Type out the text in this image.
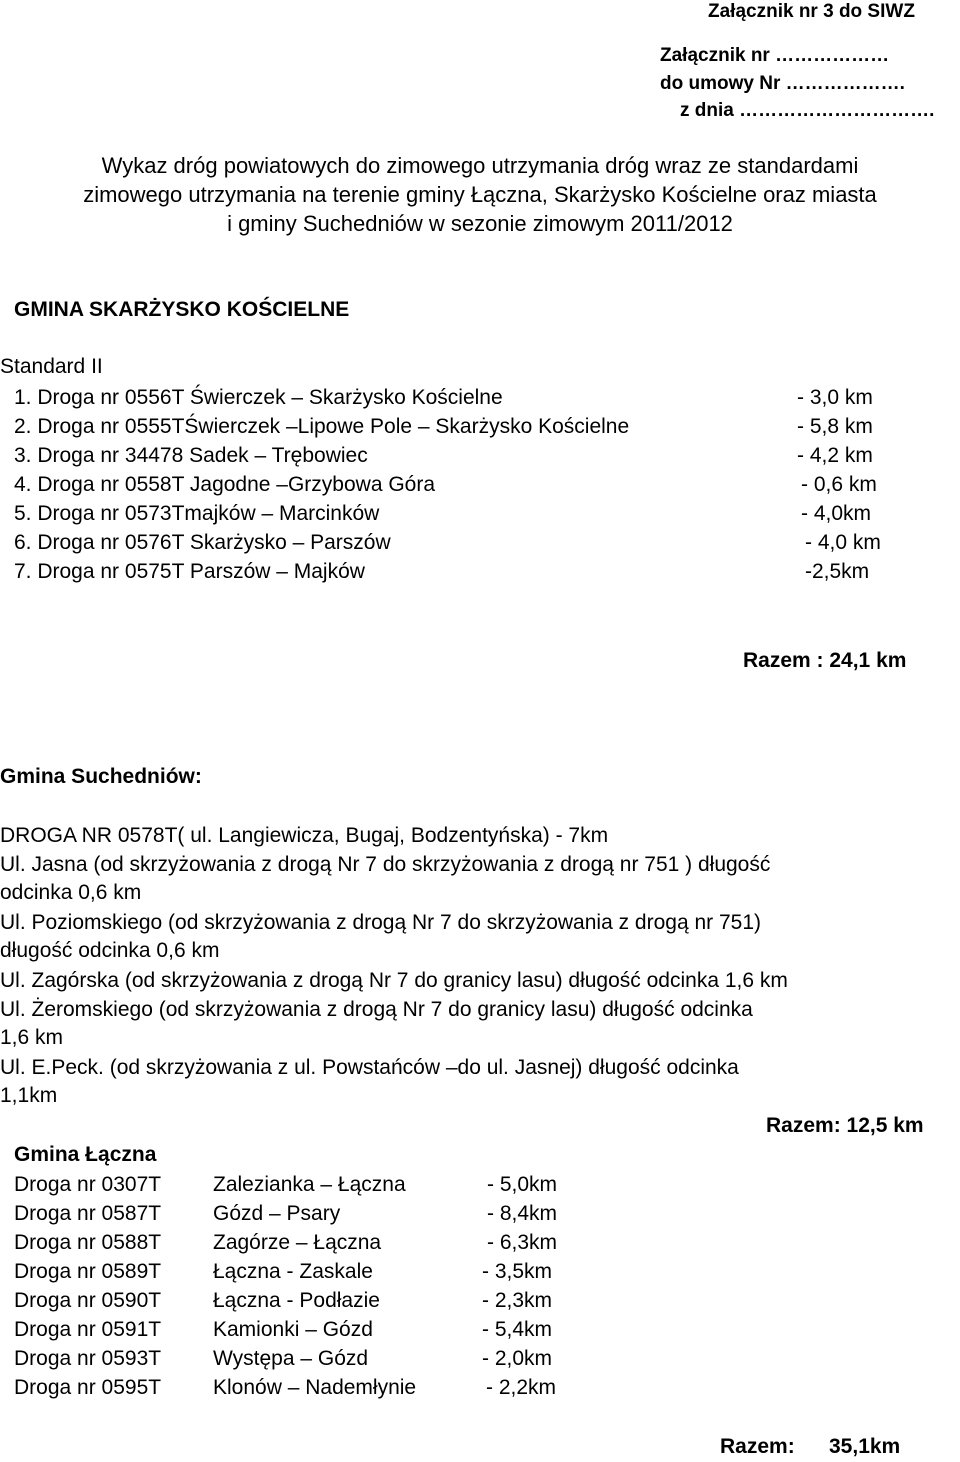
Załącznik nr 3 do SIWZ
Załącznik nr ………………
do umowy Nr ……………….
z dnia ………………………….
Wykaz dróg powiatowych do zimowego utrzymania dróg wraz ze standardami
zimowego utrzymania na terenie gminy Łączna, Skarżysko Kościelne oraz miasta
i gminy Suchedniów w sezonie zimowym 2011/2012
GMINA SKARŻYSKO KOŚCIELNE
Standard II
1. Droga nr 0556T Świerczek – Skarżysko Kościelne	- 3,0 km
2. Droga nr 0555TŚwierczek –Lipowe Pole – Skarżysko Kościelne	- 5,8 km
3. Droga nr 34478 Sadek – Trębowiec	- 4,2 km
4. Droga nr 0558T Jagodne –Grzybowa Góra	- 0,6 km
5. Droga nr 0573Tmajków – Marcinków	- 4,0km
6. Droga nr 0576T Skarżysko – Parszów	- 4,0 km
7. Droga nr 0575T Parszów – Majków	-2,5km
Razem : 24,1 km
Gmina Suchedniów:
DROGA NR 0578T( ul. Langiewicza, Bugaj, Bodzentyńska) - 7km
Ul. Jasna (od skrzyżowania z drogą Nr 7 do skrzyżowania z drogą nr 751 ) długość
odcinka 0,6 km
Ul. Poziomskiego (od skrzyżowania z drogą Nr 7 do skrzyżowania z drogą nr 751)
długość odcinka 0,6 km
Ul. Zagórska (od skrzyżowania z drogą Nr 7 do granicy lasu) długość odcinka 1,6 km
Ul. Żeromskiego (od skrzyżowania z drogą Nr 7 do granicy lasu) długość odcinka
1,6 km
Ul. E.Peck. (od skrzyżowania z ul. Powstańców –do ul. Jasnej) długość odcinka
1,1km
Razem: 12,5 km
Gmina Łączna
Droga nr 0307T Zalezianka – Łączna	- 5,0km
Droga nr 0587T Gózd – Psary	- 8,4km
Droga nr 0588T Zagórze – Łączna	- 6,3km
Droga nr 0589T Łączna - Zaskale	- 3,5km
Droga nr 0590T Łączna - Podłazie	- 2,3km
Droga nr 0591T Kamionki – Gózd	- 5,4km
Droga nr 0593T Występa – Gózd	- 2,0km
Droga nr 0595T Klonów – Nademłynie	- 2,2km
Razem: 35,1km
